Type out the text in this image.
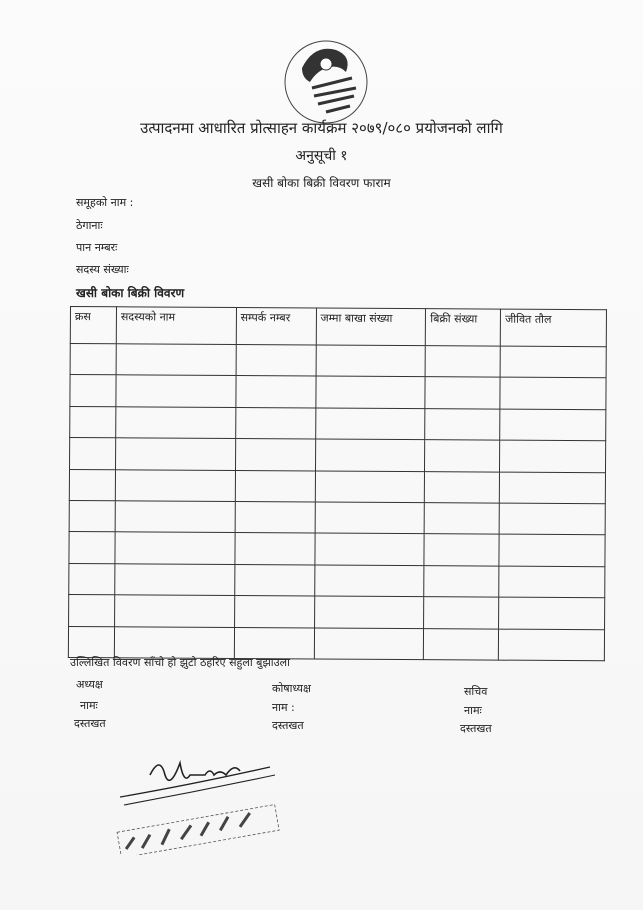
उत्पादनमा आधारित प्रोत्साहन कार्यक्रम २०७९/०८० प्रयोजनको लागि
अनुसूची १
खसी बोका बिक्री विवरण फाराम
समूहको नाम :
ठेगानाः
पान नम्बरः
सदस्य संख्याः
खसी बोका बिक्री विवरण
क्रस	सदस्यको नाम	सम्पर्क नम्बर	जम्मा बाखा संख्या	बिक्री संख्या	जीवित तौल

उल्लिखित विवरण साँचो हो झुटो ठहरिए सहुला बुझाउला
अध्यक्ष
नामः
दस्तखत
कोषाध्यक्ष
नाम :
दस्तखत
सचिव
नामः
दस्तखत
